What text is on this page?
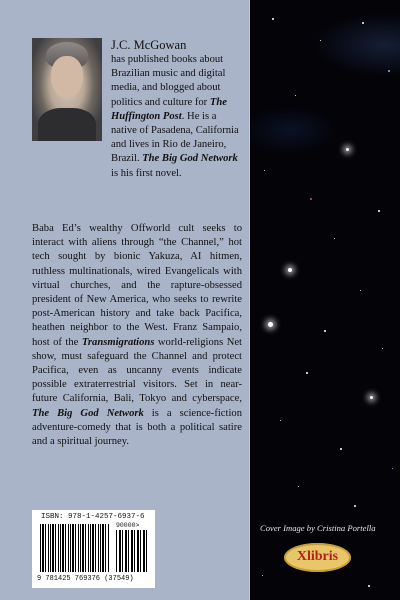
J.C. McGowan
has published books about Brazilian music and digital media, and blogged about politics and culture for The Huffington Post. He is a native of Pasadena, California and lives in Rio de Janeiro, Brazil. The Big God Network is his first novel.

Baba Ed’s wealthy Offworld cult seeks to interact with aliens through “the Channel,” hot tech sought by bionic Yakuza, AI hitmen, ruthless multinationals, wired Evangelicals with virtual churches, and the rapture-obsessed president of New America, who seeks to rewrite post-American history and take back Pacifica, heathen neighbor to the West. Franz Sampaio, host of the Transmigrations world-religions Net show, must safeguard the Channel and protect Pacifica, even as uncanny events indicate possible extraterrestrial visitors. Set in near-future California, Bali, Tokyo and cyberspace, The Big God Network is a science-fiction adventure-comedy that is both a political satire and a spiritual journey.

ISBN: 978-1-4257-6937-6
90000>
9 781425 769376 (37549)
Cover Image by Cristina Portella
Xlibris
